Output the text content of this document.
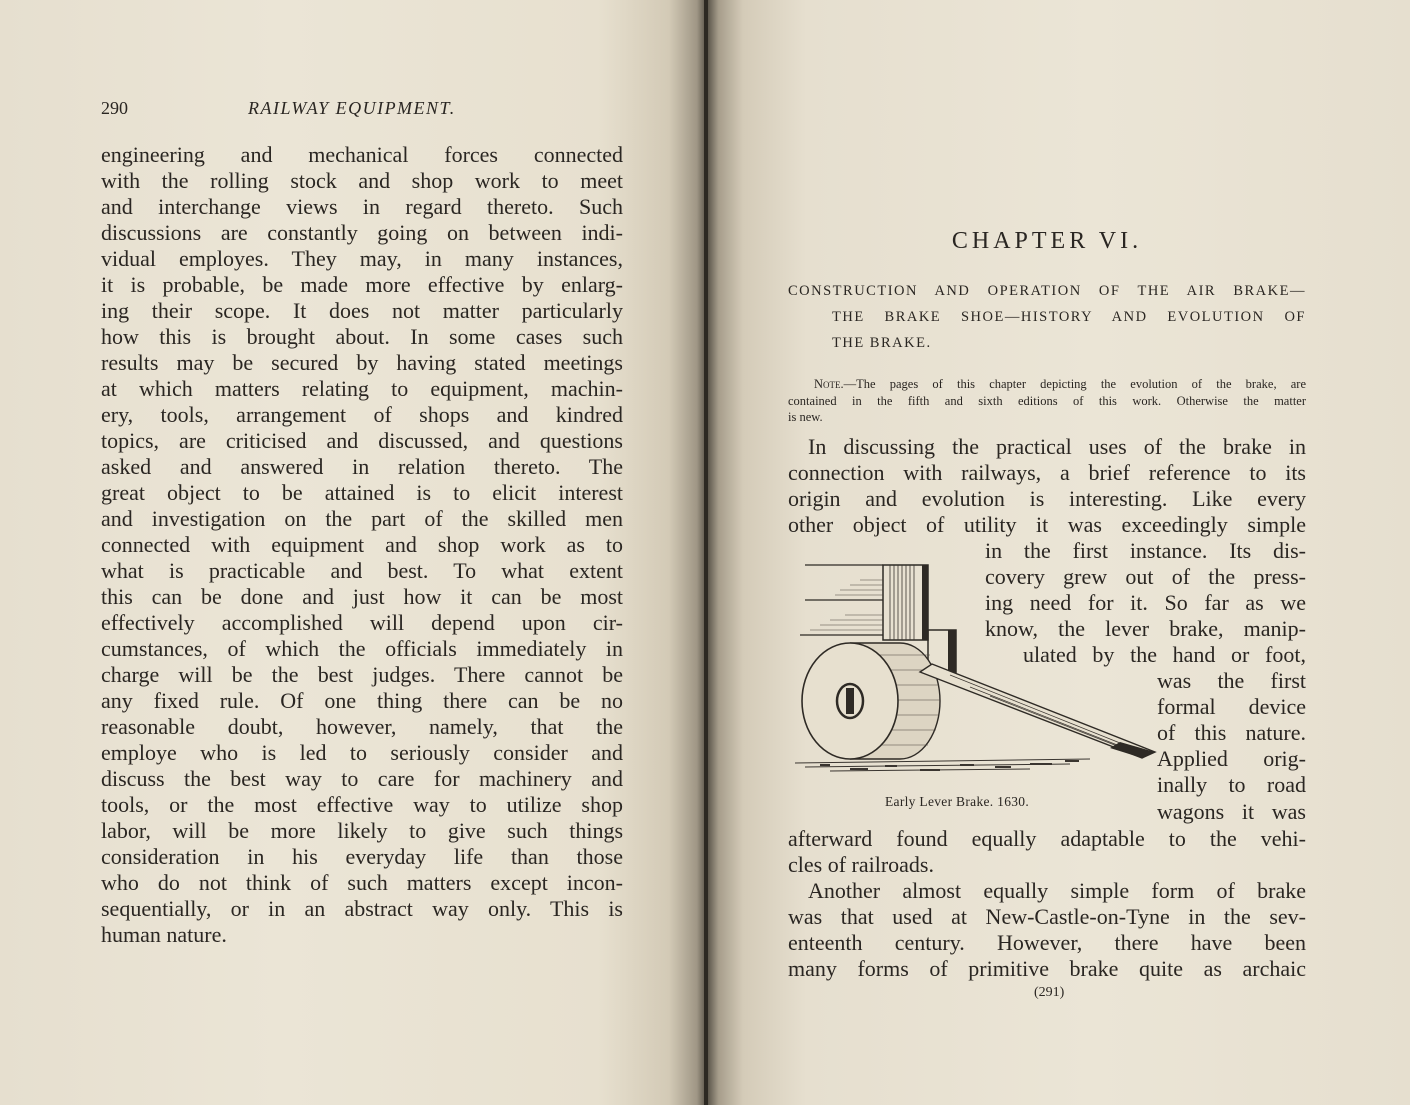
290	RAILWAY EQUIPMENT.
engineering and mechanical forces connected
with the rolling stock and shop work to meet
and interchange views in regard thereto. Such
discussions are constantly going on between indi-
vidual employes. They may, in many instances,
it is probable, be made more effective by enlarg-
ing their scope. It does not matter particularly
how this is brought about. In some cases such
results may be secured by having stated meetings
at which matters relating to equipment, machin-
ery, tools, arrangement of shops and kindred
topics, are criticised and discussed, and questions
asked and answered in relation thereto. The
great object to be attained is to elicit interest
and investigation on the part of the skilled men
connected with equipment and shop work as to
what is practicable and best. To what extent
this can be done and just how it can be most
effectively accomplished will depend upon cir-
cumstances, of which the officials immediately in
charge will be the best judges. There cannot be
any fixed rule. Of one thing there can be no
reasonable doubt, however, namely, that the
employe who is led to seriously consider and
discuss the best way to care for machinery and
tools, or the most effective way to utilize shop
labor, will be more likely to give such things
consideration in his everyday life than those
who do not think of such matters except incon-
sequentially, or in an abstract way only. This is
human nature.
CHAPTER VI.
CONSTRUCTION AND OPERATION OF THE AIR BRAKE—
THE BRAKE SHOE—HISTORY AND EVOLUTION OF
THE BRAKE.
Note.—The pages of this chapter depicting the evolution of the brake, are
contained in the fifth and sixth editions of this work. Otherwise the matter
is new.
In discussing the practical uses of the brake in
connection with railways, a brief reference to its
origin and evolution is interesting. Like every
other object of utility it was exceedingly simple
in the first instance. Its dis-
covery grew out of the press-
ing need for it. So far as we
know, the lever brake, manip-
ulated by the hand or foot,
was the first
formal device
of this nature.
Applied orig-
inally to road
wagons it was
afterward found equally adaptable to the vehi-
cles of railroads.
Another almost equally simple form of brake
was that used at New-Castle-on-Tyne in the sev-
enteenth century. However, there have been
many forms of primitive brake quite as archaic
Early Lever Brake. 1630.
(291)
